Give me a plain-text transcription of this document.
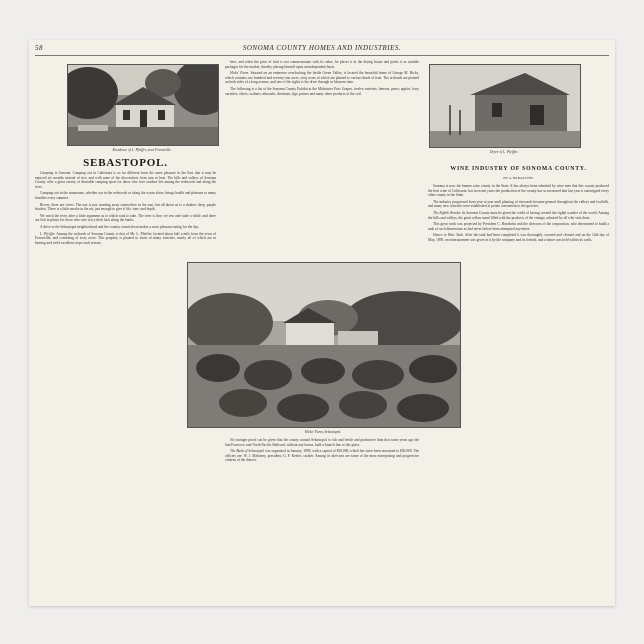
58	SONOMA COUNTY HOMES AND INDUSTRIES.
Residence of L. Pfeiffer, near Forestville.
SEBASTOPOL.

Camping in Sonoma. Camping out in California is so far different from the same pleasure in the East that it may be enjoyed six months instead of two, and with none of the discomforts from rain or heat. The hills and valleys of Sonoma County offer a great variety of desirable camping spots for those who love outdoor life among the redwoods and along the river.

Camping out in the mountains, whether out in the redwoods or along the ocean shore, brings health and pleasure to many families every summer.

Rivers, there are rivers. The one is just winding away somewhere in the east, but all about us is a shadow deep, purple shadow. There is a little smoke in the air, just enough to give it life, tone, and depth.

We reach the river, after a little argument as to which road to take. The river is fine; we rest and wade a while, and there are fish in plenty for those who care to try their luck along the banks.

A drive to the Sebastopol neighborhood and the country round about makes a most pleasant outing for the day.

L. Pfeiffer. Among the orchards of Sonoma County is that of Mr. L. Pfeiffer, located about half a mile from the town of Forestville, and consisting of sixty acres. This property is planted to fruits of many varieties, nearly all of which are in bearing and yield excellent crops each season.

here, and when the price of fruit is not commensurate with its value, he places it in the drying house and packs it as suitable packages for the market, thereby placing himself upon an independent basis.

Hicks' Farm. Situated on an eminence overlooking the fertile Green Valley, is located the beautiful home of George M. Hicks, which contains two hundred and seventy-one acres, sixty acres of which are planted to various kinds of fruit. The orchards are planted on both sides of a long avenue, and one of the sights is the drive through in blossom time.

The following is a list of the Sonoma County Exhibit at the Midwinter Fair: Grapes, twelve varieties; lemons; pears; apples, forty varieties; olives; walnuts; almonds; chestnuts; figs; prunes and many other products of the soil.

Hicks' Farm, Sebastopol.

No stronger proof can be given that the county around Sebastopol is rich and fertile and productive than that some years ago the San Francisco and North Pacific Railroad, without any bonus, built a branch line to this place.

The Bank of Sebastopol was organized in January, 1890, with a capital of $30,000, which has since been increased to $50,000. The officers are: W. J. Mahoney, president; G. F. Keeler, cashier. Among its directors are some of the most enterprising and progressive citizens of the district.

Dryer of L. Pfeiffer.
WINE INDUSTRY OF SONOMA COUNTY.
BY A. HARASZTHY.

Sonoma is now the banner wine county in the State. It has always been admitted by wine men that this county produced the best wine of California, but in recent years the production of the county has so increased that last year it outstripped every other county in the State.

The industry progressed from year to year until planting of vineyards became general throughout the valleys and foothills, and many new wineries were established at points convenient to the growers.

The Eighth Wonder. In Sonoma County must be given the credit of having created the eighth wonder of the world. Among the hills and valleys, the great cellars stand filled with the products of the vintage, admired by all who visit them.

This great work was projected by President C. Bundschu and the directors of the corporation, who determined to build a tank of such dimensions as had never before been attempted anywhere.

Dance in Wine Tank. After the tank had been completed it was thoroughly scoured and cleaned and on the 14th day of May, 1895, an entertainment was given in it by the company and its friends, and a dance was held within its walls.
